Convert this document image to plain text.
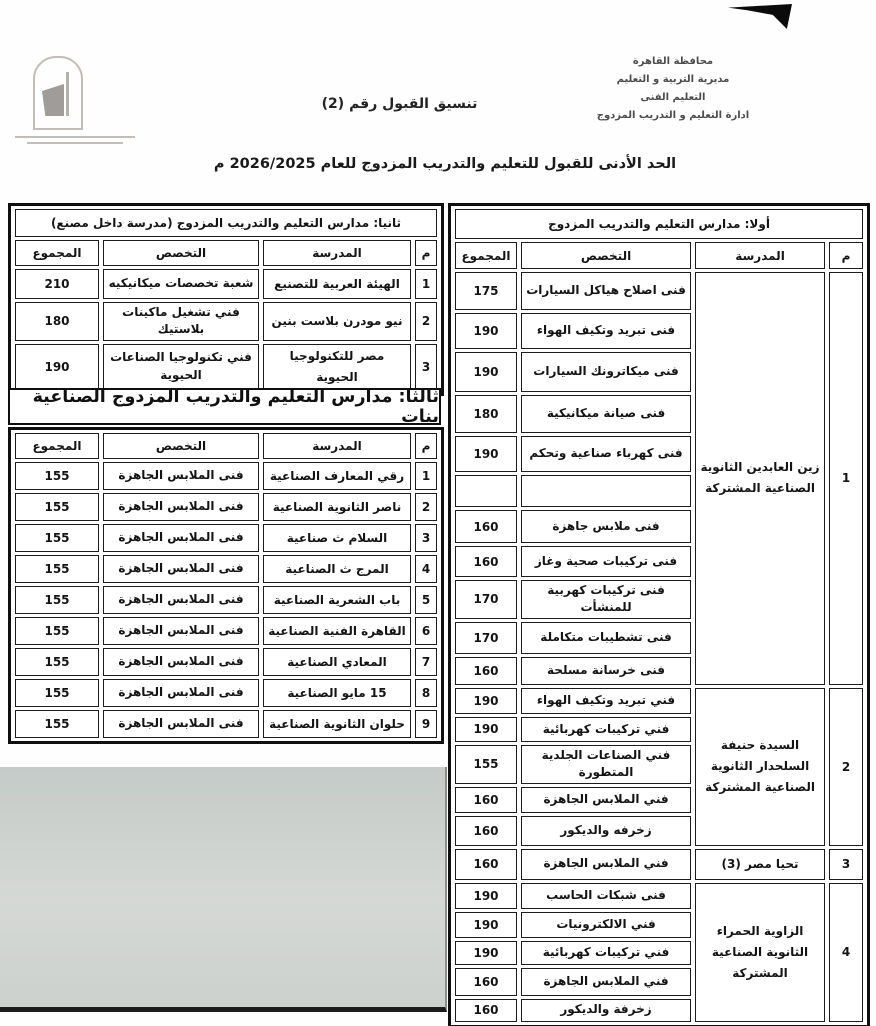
محافظة القاهرة
مديرية التربية و التعليم
التعليم الفنى
ادارة التعليم و التدريب المزدوج
تنسيق القبول رقم (2)
الحد الأدنى للقبول للتعليم والتدريب المزدوج للعام 2026/2025 م
أولا: مدارس التعليم والتدريب المزدوج			
م	المدرسة	التخصص	المجموع
1	زين العابدين الثانوية الصناعية المشتركة	فنى اصلاح هياكل السيارات	175
		فنى تبريد وتكيف الهواء	190
		فنى ميكاترونك السيارات	190
		فنى صيانة ميكانيكية	180
		فنى كهرباء صناعية وتحكم	190

		فنى ملابس جاهزة	160
		فنى تركيبات صحية وغاز	160
		فنى تركيبات كهربية للمنشأت	170
		فنى تشطيبات متكاملة	170
		فنى خرسانة مسلحة	160
2	السيدة حنيفة السلحدار الثانوية الصناعية المشتركة	فني تبريد وتكيف الهواء	190
		فني تركيبات كهربائية	190
		فني الصناعات الجلدية المتطورة	155
		فني الملابس الجاهزة	160
		زخرفه والديكور	160
3	تحيا مصر (3)	فني الملابس الجاهزة	160
4	الزاوية الحمراء الثانوية الصناعية المشتركة	فنى شبكات الحاسب	190
		فني الالكترونيات	190
		فني تركيبات كهربائية	190
		فني الملابس الجاهزة	160
		زخرفة والديكور	160
ثانيا: مدارس التعليم والتدريب المزدوج (مدرسة داخل مصنع)			
م	المدرسة	التخصص	المجموع
1	الهيئة العربية للتصنيع	شعبة تخصصات ميكانيكيه	210
2	نيو مودرن بلاست بنين	فني تشغيل ماكينات بلاستيك	180
3	مصر للتكنولوجيا الحيوية	فني تكنولوجيا الصناعات الحيوية	190
ثالثا: مدارس التعليم والتدريب المزدوج الصناعية بنات
م	المدرسة	التخصص	المجموع
1	رقي المعارف الصناعية	فنى الملابس الجاهزة	155
2	ناصر الثانوية الصناعية	فنى الملابس الجاهزة	155
3	السلام ث صناعية	فنى الملابس الجاهزة	155
4	المرج ث الصناعية	فنى الملابس الجاهزة	155
5	باب الشعرية الصناعية	فنى الملابس الجاهزة	155
6	القاهرة الفنية الصناعية	فنى الملابس الجاهزة	155
7	المعادي الصناعية	فنى الملابس الجاهزة	155
8	15 مايو الصناعية	فنى الملابس الجاهزة	155
9	حلوان الثانوية الصناعية	فنى الملابس الجاهزة	155
